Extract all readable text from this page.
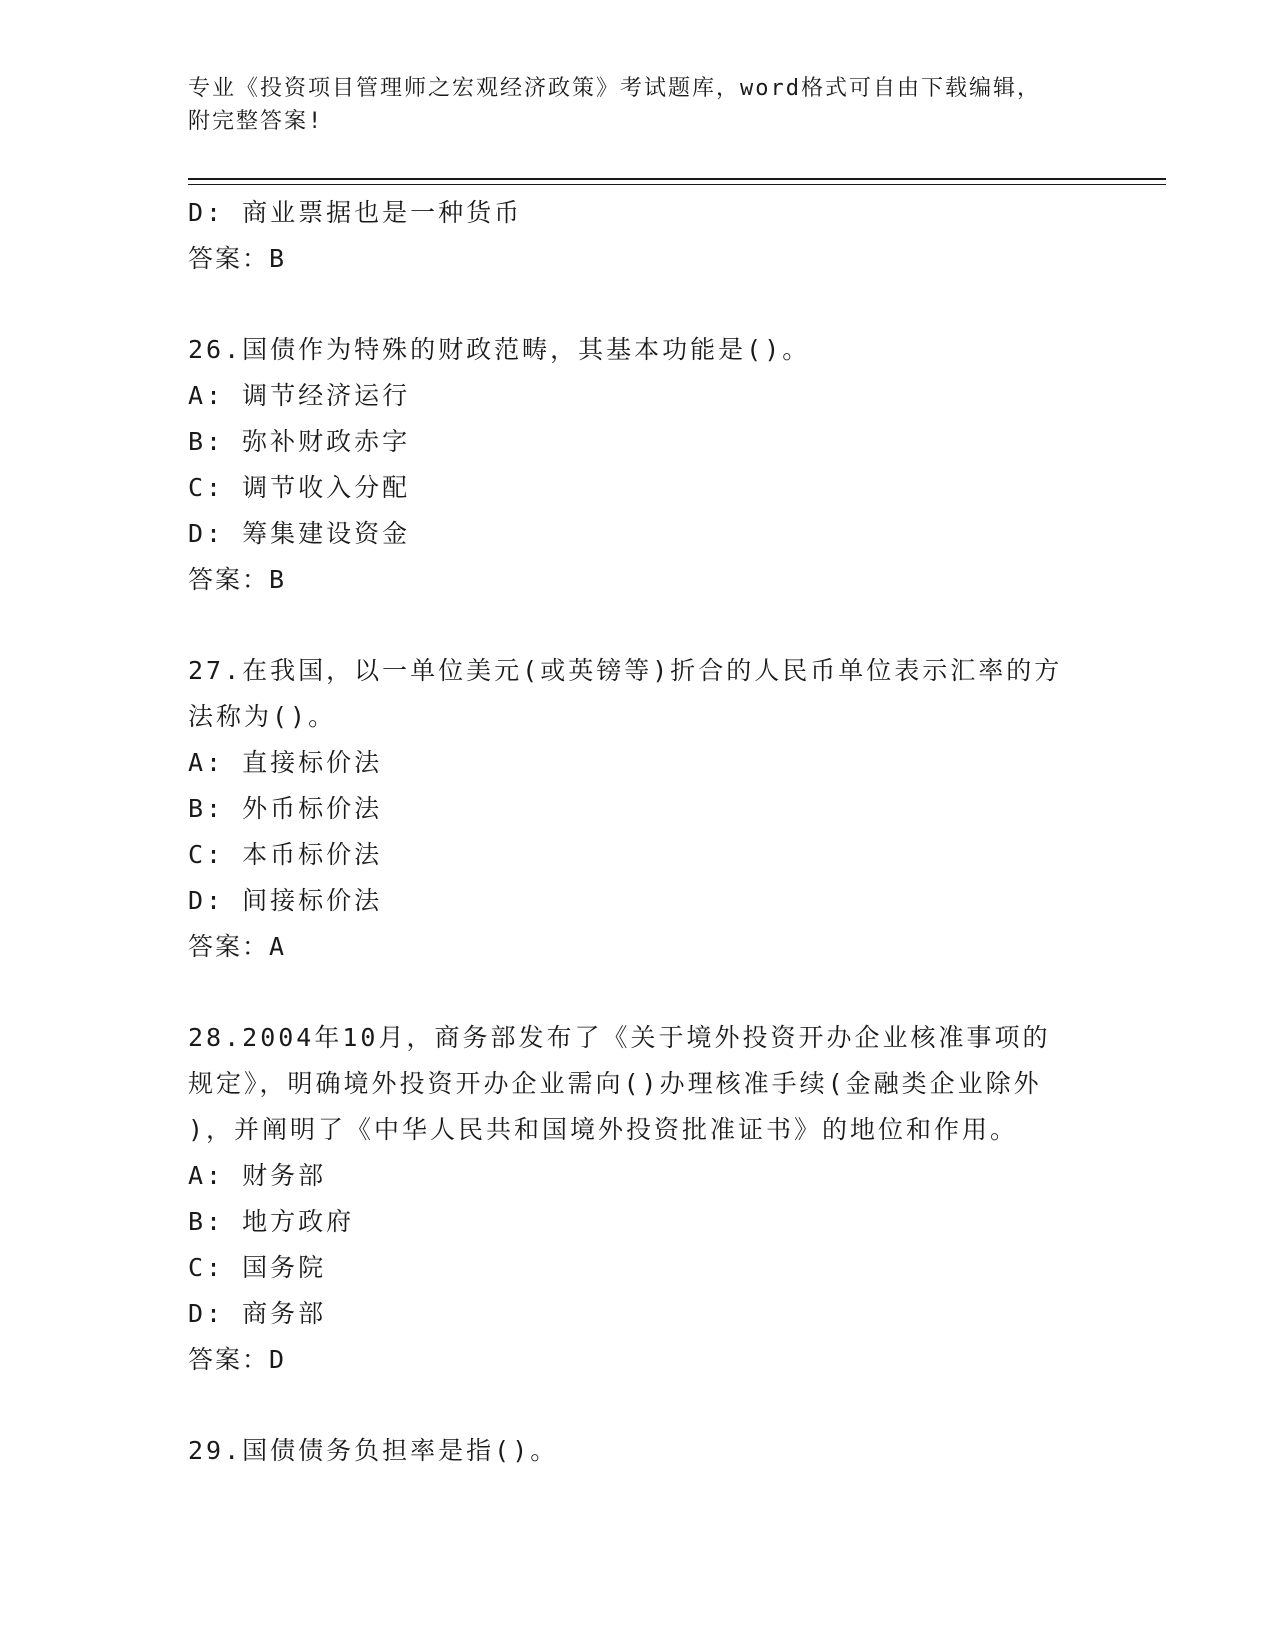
专业《投资项目管理师之宏观经济政策》考试题库，word格式可自由下载编辑，
附完整答案!
D: 商业票据也是一种货币
答案：B
26.国债作为特殊的财政范畴，其基本功能是()。
A: 调节经济运行
B: 弥补财政赤字
C: 调节收入分配
D: 筹集建设资金
答案：B
27.在我国，以一单位美元(或英镑等)折合的人民币单位表示汇率的方
法称为()。
A: 直接标价法
B: 外币标价法
C: 本币标价法
D: 间接标价法
答案：A
28.2004年10月，商务部发布了《关于境外投资开办企业核准事项的
规定》，明确境外投资开办企业需向()办理核准手续(金融类企业除外
)，并阐明了《中华人民共和国境外投资批准证书》的地位和作用。
A: 财务部
B: 地方政府
C: 国务院
D: 商务部
答案：D
29.国债债务负担率是指()。
